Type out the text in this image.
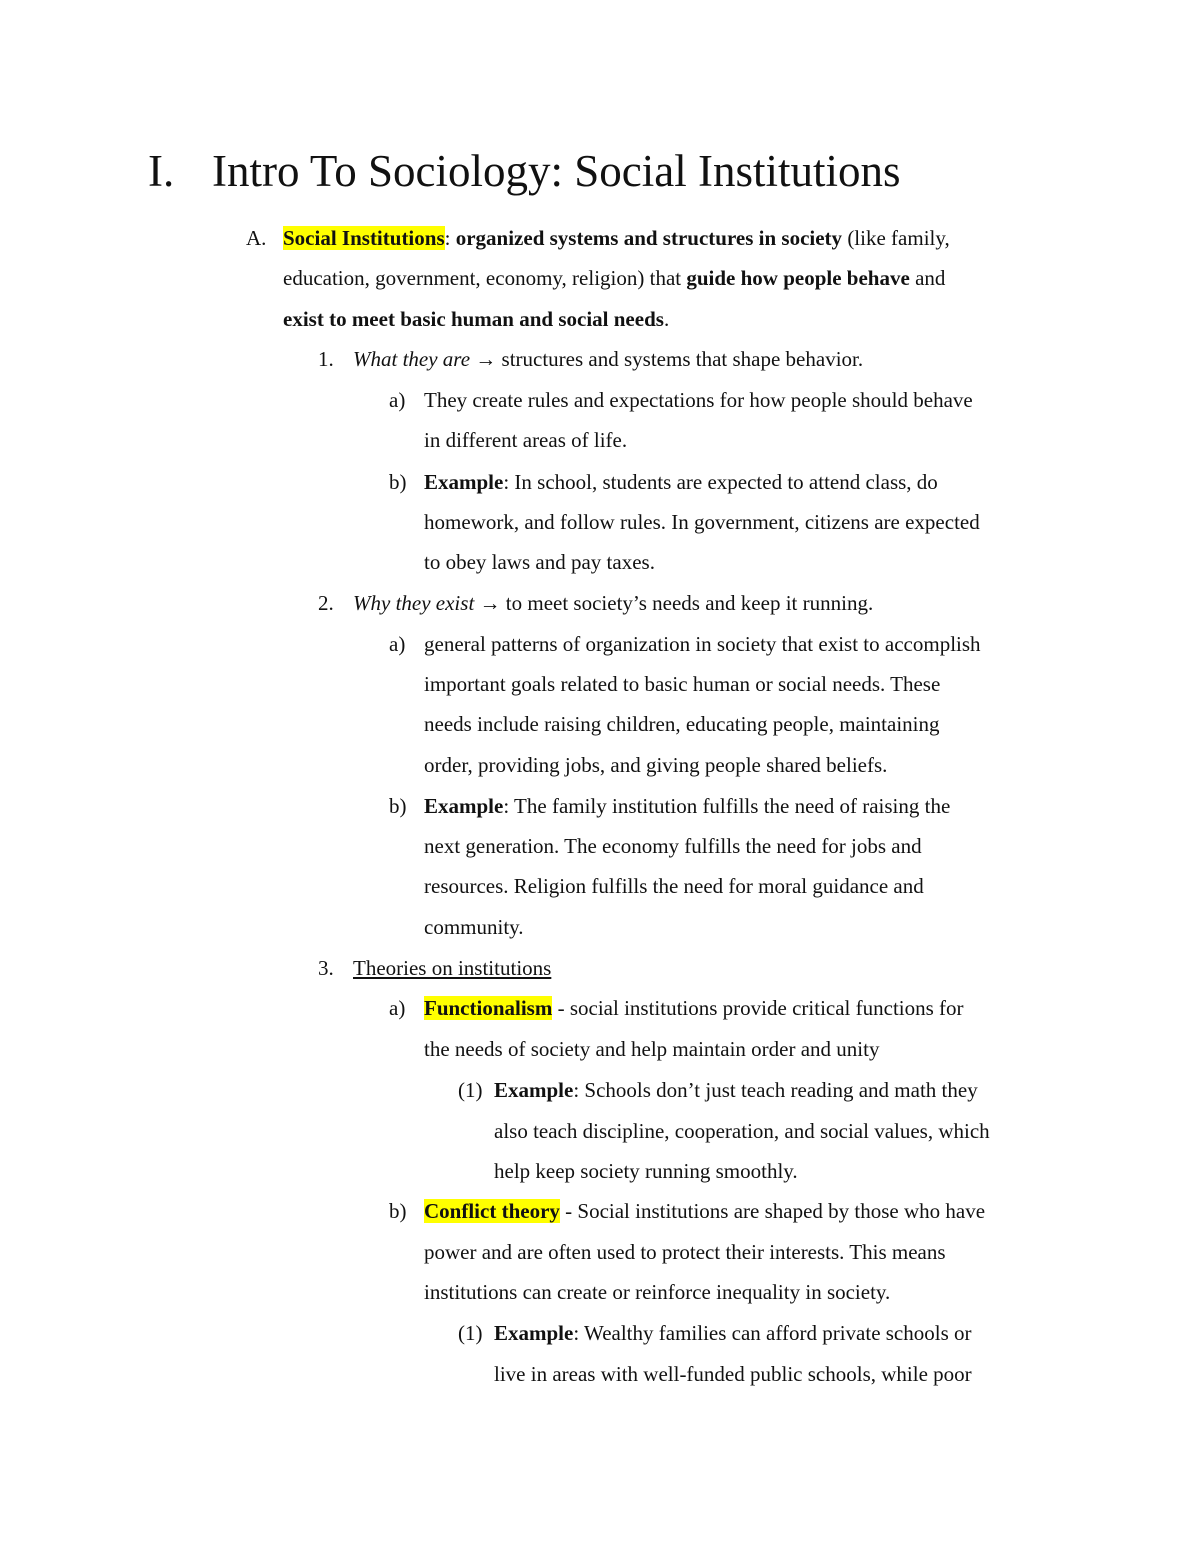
I. Intro To Sociology: Social Institutions
A. Social Institutions: organized systems and structures in society (like family,
education, government, economy, religion) that guide how people behave and
exist to meet basic human and social needs.
1. What they are → structures and systems that shape behavior.
a) They create rules and expectations for how people should behave
in different areas of life.
b) Example: In school, students are expected to attend class, do
homework, and follow rules. In government, citizens are expected
to obey laws and pay taxes.
2. Why they exist → to meet society’s needs and keep it running.
a) general patterns of organization in society that exist to accomplish
important goals related to basic human or social needs. These
needs include raising children, educating people, maintaining
order, providing jobs, and giving people shared beliefs.
b) Example: The family institution fulfills the need of raising the
next generation. The economy fulfills the need for jobs and
resources. Religion fulfills the need for moral guidance and
community.
3. Theories on institutions
a) Functionalism - social institutions provide critical functions for
the needs of society and help maintain order and unity
(1) Example: Schools don’t just teach reading and math they
also teach discipline, cooperation, and social values, which
help keep society running smoothly.
b) Conflict theory - Social institutions are shaped by those who have
power and are often used to protect their interests. This means
institutions can create or reinforce inequality in society.
(1) Example: Wealthy families can afford private schools or
live in areas with well-funded public schools, while poor
